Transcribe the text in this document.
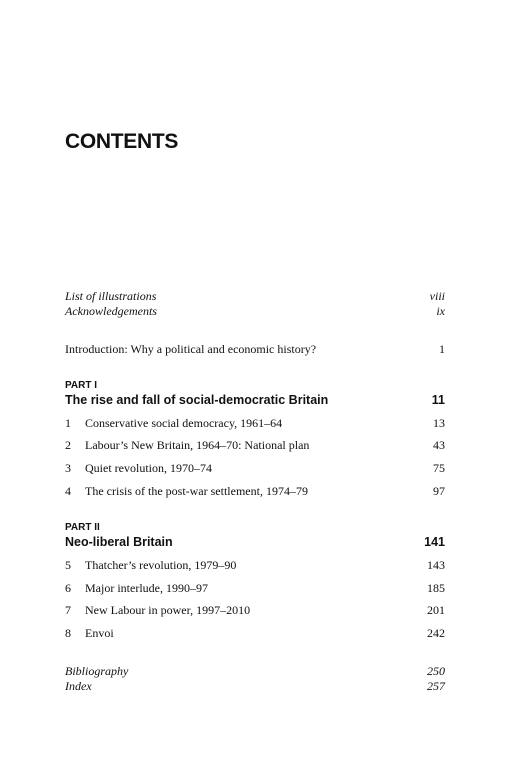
CONTENTS
List of illustrations	viii
Acknowledgements	ix
Introduction: Why a political and economic history?	1
PART I
The rise and fall of social-democratic Britain	11
1	Conservative social democracy, 1961–64	13
2	Labour’s New Britain, 1964–70: National plan	43
3	Quiet revolution, 1970–74	75
4	The crisis of the post-war settlement, 1974–79	97
PART II
Neo-liberal Britain	141
5	Thatcher’s revolution, 1979–90	143
6	Major interlude, 1990–97	185
7	New Labour in power, 1997–2010	201
8	Envoi	242
Bibliography	250
Index	257
